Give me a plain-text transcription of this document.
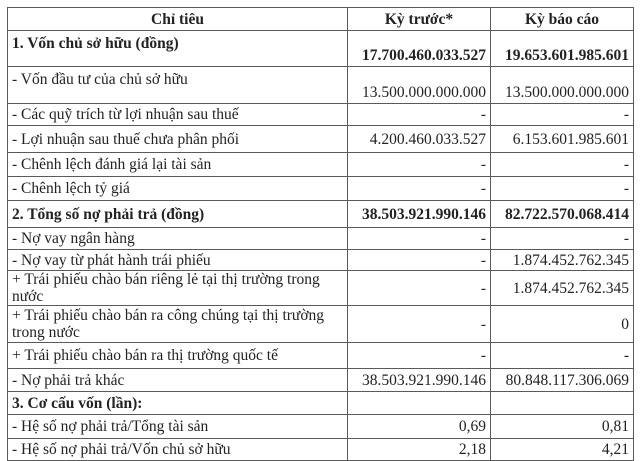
Chỉ tiêu	Kỳ trước*	Kỳ báo cáo
1. Vốn chủ sở hữu (đồng)	17.700.460.033.527	19.653.601.985.601
- Vốn đầu tư của chủ sở hữu	13.500.000.000.000	13.500.000.000.000
- Các quỹ trích từ lợi nhuận sau thuế	-	-
- Lợi nhuận sau thuế chưa phân phối	4.200.460.033.527	6.153.601.985.601
- Chênh lệch đánh giá lại tài sản	-	-
- Chênh lệch tỷ giá	-	-
2. Tổng số nợ phải trả (đồng)	38.503.921.990.146	82.722.570.068.414
- Nợ vay ngân hàng	-	-
- Nợ vay từ phát hành trái phiếu	-	1.874.452.762.345
+ Trái phiếu chào bán riêng lẻ tại thị trường trong nước	-	1.874.452.762.345
+ Trái phiếu chào bán ra công chúng tại thị trường trong nước	-	0
+ Trái phiếu chào bán ra thị trường quốc tế	-	-
- Nợ phải trả khác	38.503.921.990.146	80.848.117.306.069
3. Cơ cấu vốn (lần):		
- Hệ số nợ phải trả/Tổng tài sản	0,69	0,81
- Hệ số nợ phải trả/Vốn chủ sở hữu	2,18	4,21
